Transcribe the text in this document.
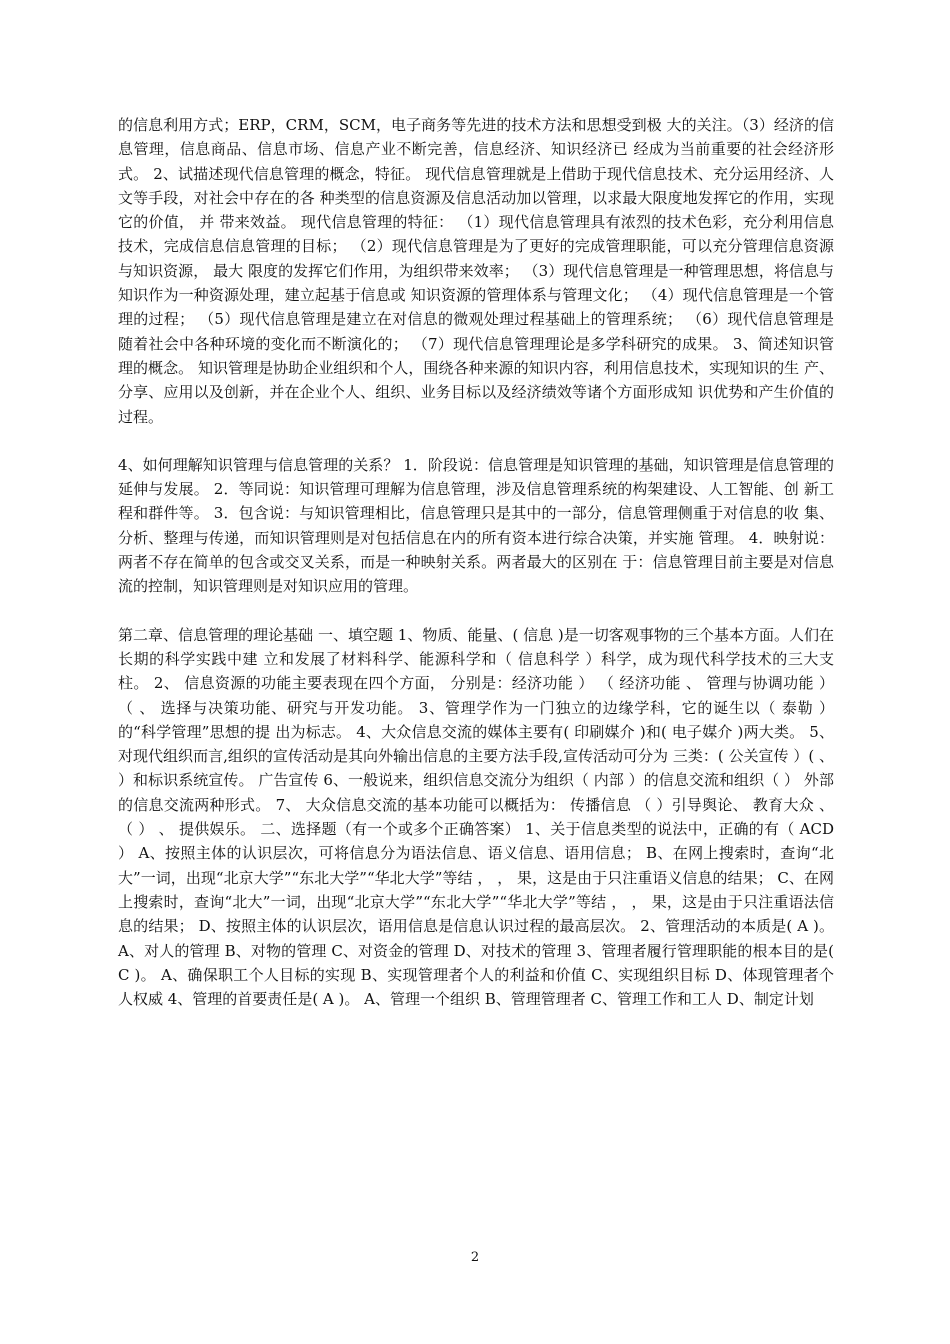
的信息利用方式；ERP，CRM，SCM，电子商务等先进的技术方法和思想受到极 大的关注。（3）经济的信息管理，信息商品、信息市场、信息产业不断完善，信息经济、知识经济已 经成为当前重要的社会经济形式。 2、试描述现代信息管理的概念，特征。 现代信息管理就是上借助于现代信息技术、充分运用经济、人文等手段，对社会中存在的各 种类型的信息资源及信息活动加以管理，以求最大限度地发挥它的作用，实现它的价值， 并 带来效益。 现代信息管理的特征： （1）现代信息管理具有浓烈的技术色彩，充分利用信息技术，完成信息信息管理的目标； （2）现代信息管理是为了更好的完成管理职能，可以充分管理信息资源与知识资源， 最大 限度的发挥它们作用，为组织带来效率； （3）现代信息管理是一种管理思想，将信息与知识作为一种资源处理，建立起基于信息或 知识资源的管理体系与管理文化； （4）现代信息管理是一个管理的过程； （5）现代信息管理是建立在对信息的微观处理过程基础上的管理系统； （6）现代信息管理是随着社会中各种环境的变化而不断演化的； （7）现代信息管理理论是多学科研究的成果。 3、简述知识管理的概念。 知识管理是协助企业组织和个人，围绕各种来源的知识内容，利用信息技术，实现知识的生 产、分享、应用以及创新，并在企业个人、组织、业务目标以及经济绩效等诸个方面形成知 识优势和产生价值的过程。

4、如何理解知识管理与信息管理的关系？ 1．阶段说：信息管理是知识管理的基础，知识管理是信息管理的延伸与发展。 2．等同说：知识管理可理解为信息管理，涉及信息管理系统的构架建设、人工智能、创 新工程和群件等。 3．包含说：与知识管理相比，信息管理只是其中的一部分，信息管理侧重于对信息的收 集、分析、整理与传递，而知识管理则是对包括信息在内的所有资本进行综合决策，并实施 管理。 4．映射说：两者不存在简单的包含或交叉关系，而是一种映射关系。两者最大的区别在 于：信息管理目前主要是对信息流的控制，知识管理则是对知识应用的管理。

第二章、信息管理的理论基础 一、填空题 1、物质、能量、( 信息 )是一切客观事物的三个基本方面。人们在长期的科学实践中建 立和发展了材料科学、能源科学和（ 信息科学 ）科学，成为现代科学技术的三大支柱。 2、 信息资源的功能主要表现在四个方面， 分别是：经济功能 ） （ 经济功能 、 管理与协调功能 ） （ 、 选择与决策功能、研究与开发功能。 3、管理学作为一门独立的边缘学科，它的诞生以（ 泰勒 ）的“科学管理”思想的提 出为标志。 4、大众信息交流的媒体主要有( 印刷媒介 )和( 电子媒介 )两大类。 5、对现代组织而言,组织的宣传活动是其向外输出信息的主要方法手段,宣传活动可分为 三类：( 公关宣传 ）( 、 ）和标识系统宣传。 广告宣传 6、一般说来，组织信息交流分为组织（ 内部 ）的信息交流和组织（ ） 外部 的信息交流两种形式。 7、 大众信息交流的基本功能可以概括为： 传播信息 （ ）引导舆论、 教育大众 、 （ ） 、 提供娱乐。 二、选择题（有一个或多个正确答案） 1、关于信息类型的说法中，正确的有（ ACD ） A、按照主体的认识层次，可将信息分为语法信息、语义信息、语用信息； B、在网上搜索时，查询“北大”一词，出现“北京大学”“东北大学”“华北大学”等结 ， ， 果，这是由于只注重语义信息的结果； C、在网上搜索时，查询“北大”一词，出现“北京大学”“东北大学”“华北大学”等结 ， ， 果，这是由于只注重语法信息的结果； D、按照主体的认识层次，语用信息是信息认识过程的最高层次。 2、管理活动的本质是( A )。 A、对人的管理 B、对物的管理 C、对资金的管理 D、对技术的管理 3、管理者履行管理职能的根本目的是( C )。 A、确保职工个人目标的实现 B、实现管理者个人的利益和价值 C、实现组织目标 D、体现管理者个人权威 4、管理的首要责任是( A )。 A、管理一个组织 B、管理管理者 C、管理工作和工人 D、制定计划

2
